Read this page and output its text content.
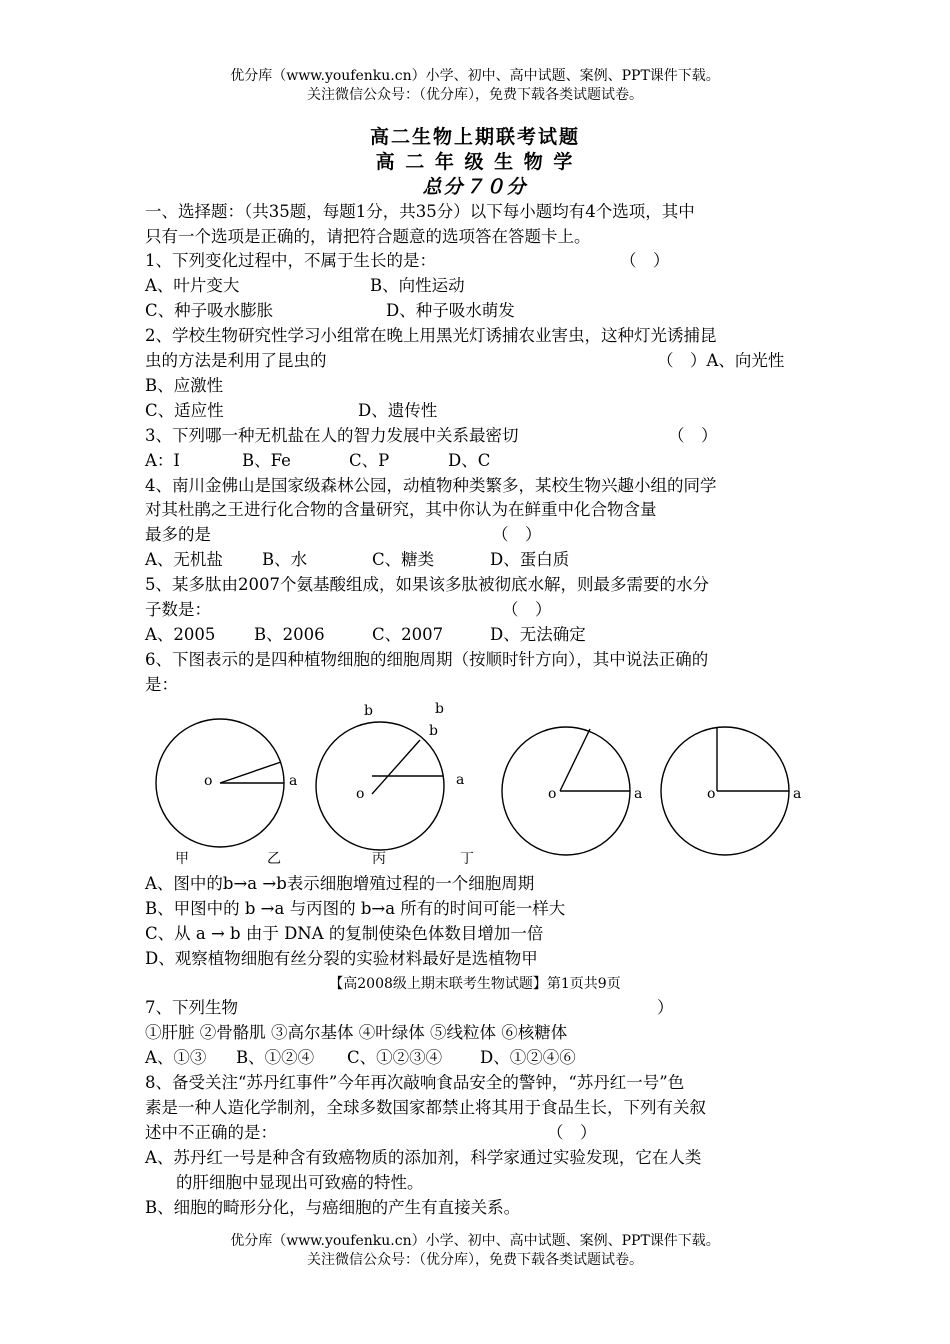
优分库（www.youfenku.cn）小学、初中、高中试题、案例、PPT课件下载。
关注微信公众号：（优分库），免费下载各类试题试卷。
高二生物上期联考试题
高 二 年 级 生 物 学
总分７０分
一、选择题：（共35题，每题1分，共35分）以下每小题均有4个选项，其中
只有一个选项是正确的，请把符合题意的选项答在答题卡上。
1、下列变化过程中，不属于生长的是：	（　）
A、叶片变大	B、向性运动
C、种子吸水膨胀	D、种子吸水萌发
2、学校生物研究性学习小组常在晚上用黑光灯诱捕农业害虫，这种灯光诱捕昆
虫的方法是利用了昆虫的	（　）A、向光性
B、应激性
C、适应性	D、遗传性
3、下列哪一种无机盐在人的智力发展中关系最密切	（　）
A：I	B、Fe	C、P	D、C
4、南川金佛山是国家级森林公园，动植物种类繁多，某校生物兴趣小组的同学
对其杜鹃之王进行化合物的含量研究，其中你认为在鲜重中化合物含量
最多的是	（　）
A、无机盐 B、水	C、糖类	D、蛋白质
5、某多肽由2007个氨基酸组成，如果该多肽被彻底水解，则最多需要的水分
子数是：	（　）
A、2005 B、2006	C、2007	D、无法确定
6、下图表示的是四种植物细胞的细胞周期（按顺时针方向），其中说法正确的
是：
b	b
b
o	a
o
a
o	a	o	a
甲	乙	丙	丁
A、图中的b→a →b表示细胞增殖过程的一个细胞周期
B、甲图中的 b →a 与丙图的 b→a 所有的时间可能一样大
C、从 a → b 由于 DNA 的复制使染色体数目增加一倍
D、观察植物细胞有丝分裂的实验材料最好是选植物甲
【高2008级上期末联考生物试题】第1页共9页
7、下列生物	）
①肝脏 ②骨骼肌 ③高尔基体 ④叶绿体 ⑤线粒体 ⑥核糖体
A、①③ B、①②④ C、①②③④ D、①②④⑥
8、备受关注“苏丹红事件”今年再次敲响食品安全的警钟，“苏丹红一号”色
素是一种人造化学制剂，全球多数国家都禁止将其用于食品生长，下列有关叙
述中不正确的是：	（　）
A、苏丹红一号是种含有致癌物质的添加剂，科学家通过实验发现，它在人类
的肝细胞中显现出可致癌的特性。
B、细胞的畸形分化，与癌细胞的产生有直接关系。
优分库（www.youfenku.cn）小学、初中、高中试题、案例、PPT课件下载。
关注微信公众号：（优分库），免费下载各类试题试卷。
